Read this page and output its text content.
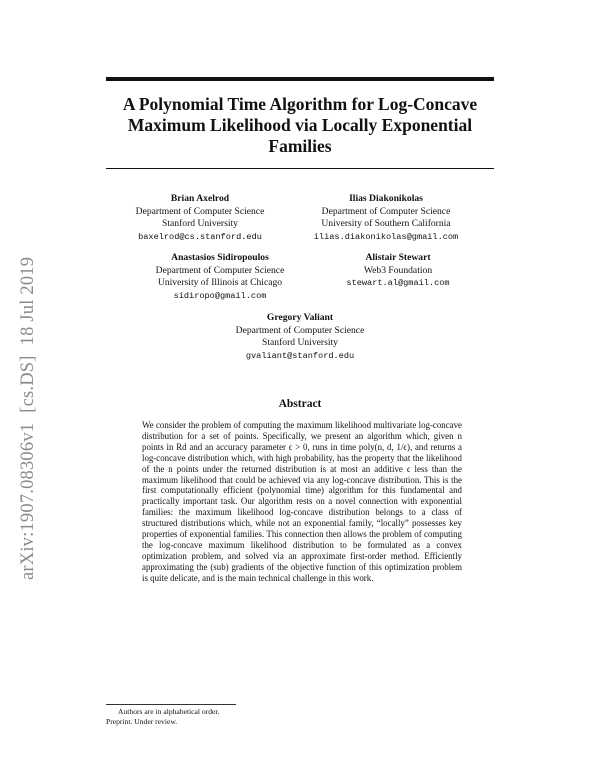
arXiv:1907.08306v1[cs.DS]18 Jul 2019
A Polynomial Time Algorithm for Log-Concave Maximum Likelihood via Locally Exponential Families
Brian Axelrod
Department of Computer Science
Stanford University
baxelrod@cs.stanford.edu
Ilias Diakonikolas
Department of Computer Science
University of Southern California
ilias.diakonikolas@gmail.com
Anastasios Sidiropoulos
Department of Computer Science
University of Illinois at Chicago
sidiropo@gmail.com
Alistair Stewart
Web3 Foundation
stewart.al@gmail.com
Gregory Valiant
Department of Computer Science
Stanford University
gvaliant@stanford.edu
Abstract

We consider the problem of computing the maximum likelihood multivariate log-concave distribution for a set of points. Specifically, we present an algorithm which, given n points in Rd and an accuracy parameter ϵ > 0, runs in time poly(n, d, 1/ϵ), and returns a log-concave distribution which, with high probability, has the property that the likelihood of the n points under the returned distribution is at most an additive ϵ less than the maximum likelihood that could be achieved via any log-concave distribution. This is the first computationally efficient (polynomial time) algorithm for this fundamental and practically important task. Our algorithm rests on a novel connection with exponential families: the maximum likelihood log-concave distribution belongs to a class of structured distributions which, while not an exponential family, “locally” possesses key properties of exponential families. This connection then allows the problem of computing the log-concave maximum likelihood distribution to be formulated as a convex optimization problem, and solved via an approximate first-order method. Efficiently approximating the (sub) gradients of the objective function of this optimization problem is quite delicate, and is the main technical challenge in this work.

Authors are in alphabetical order.
Preprint. Under review.
